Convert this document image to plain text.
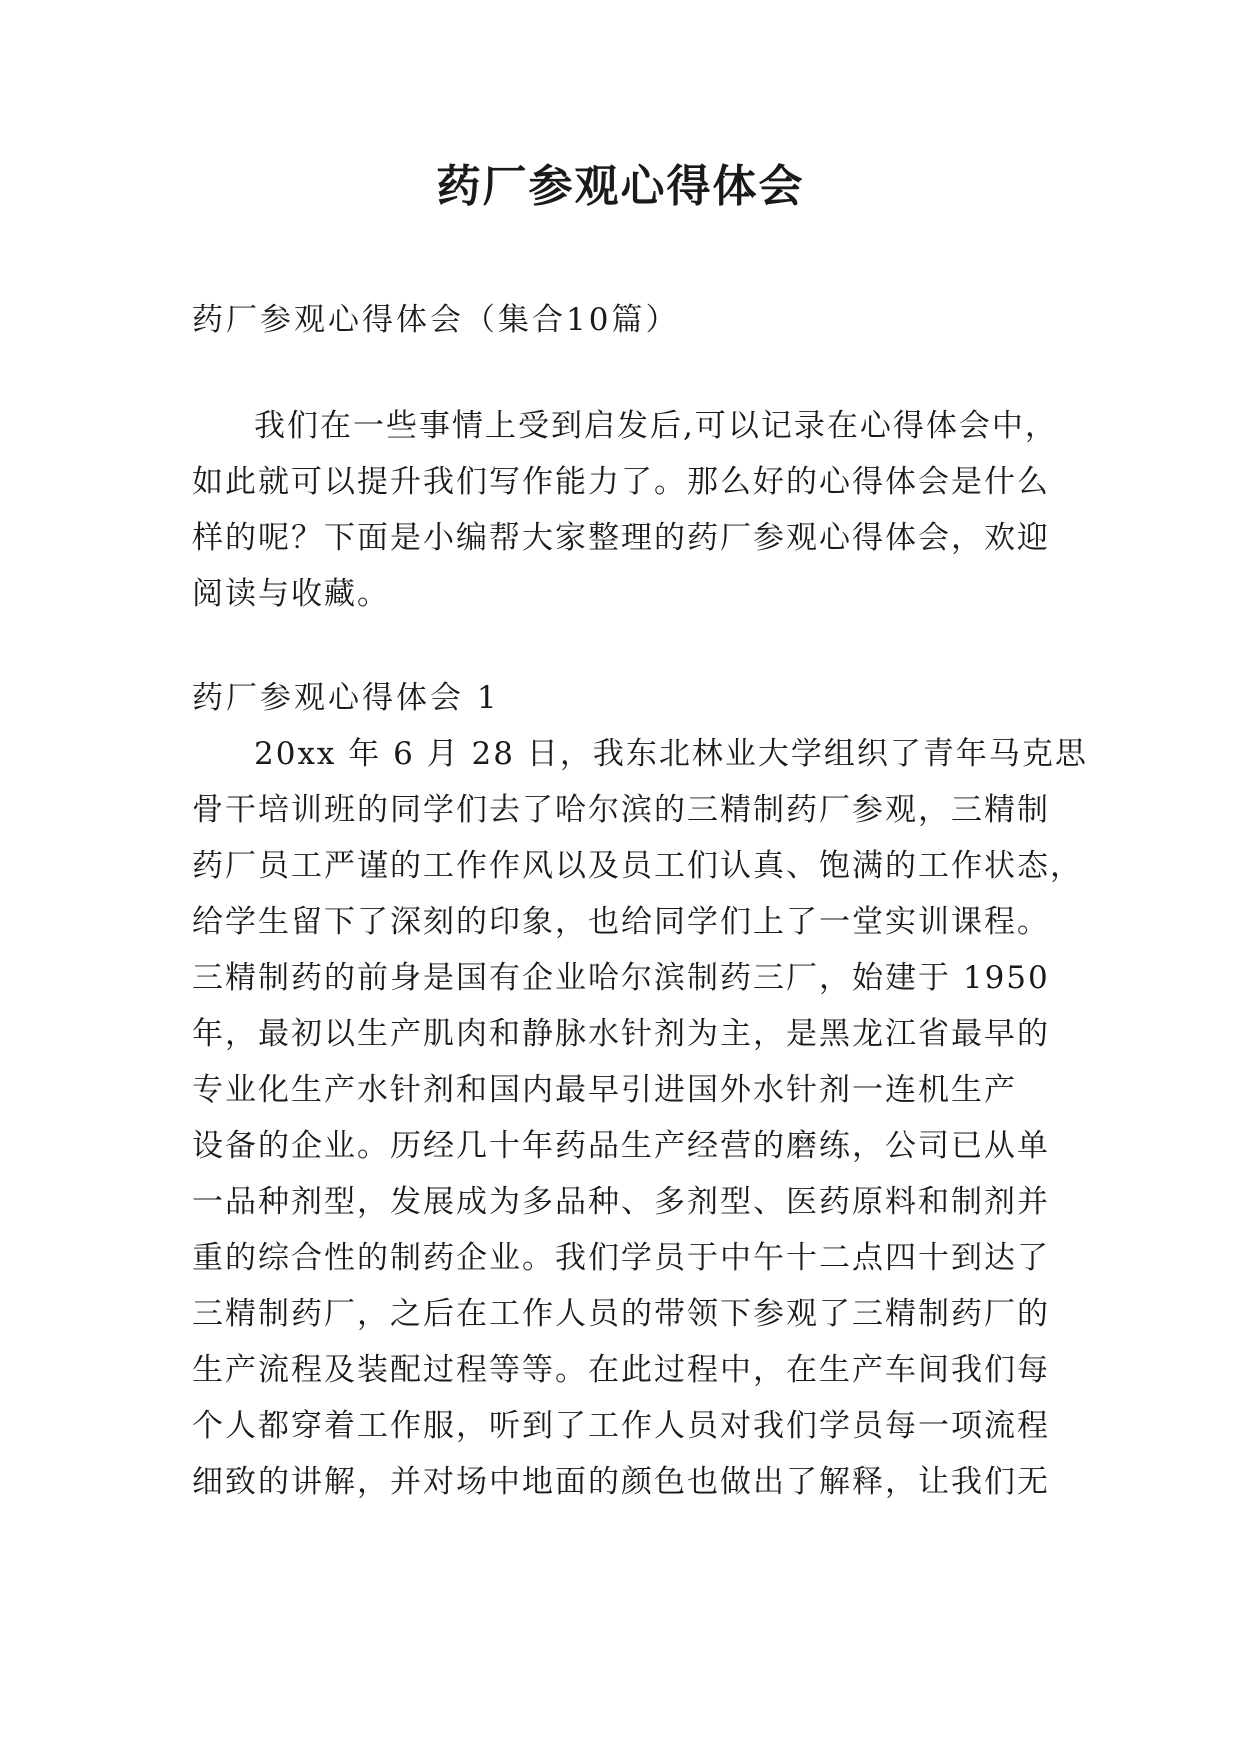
药厂参观心得体会

药厂参观心得体会（集合10篇）

我们在一些事情上受到启发后,可以记录在心得体会中，

如此就可以提升我们写作能力了。那么好的心得体会是什么

样的呢？下面是小编帮大家整理的药厂参观心得体会，欢迎

阅读与收藏。

药厂参观心得体会 1

20xx 年 6 月 28 日，我东北林业大学组织了青年马克思

骨干培训班的同学们去了哈尔滨的三精制药厂参观，三精制

药厂员工严谨的工作作风以及员工们认真、饱满的工作状态，

给学生留下了深刻的印象，也给同学们上了一堂实训课程。

三精制药的前身是国有企业哈尔滨制药三厂，始建于 1950

年，最初以生产肌肉和静脉水针剂为主，是黑龙江省最早的

专业化生产水针剂和国内最早引进国外水针剂一连机生产

设备的企业。历经几十年药品生产经营的磨练，公司已从单

一品种剂型，发展成为多品种、多剂型、医药原料和制剂并

重的综合性的制药企业。我们学员于中午十二点四十到达了

三精制药厂，之后在工作人员的带领下参观了三精制药厂的

生产流程及装配过程等等。在此过程中，在生产车间我们每

个人都穿着工作服，听到了工作人员对我们学员每一项流程

细致的讲解，并对场中地面的颜色也做出了解释，让我们无
